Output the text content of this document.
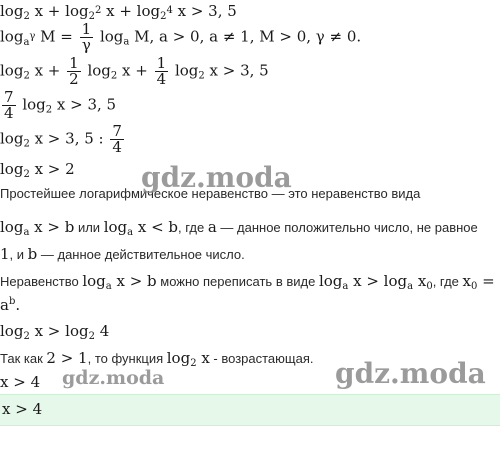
$\log_2 x + \log_{2^2} x + \log_{2^4} x > 3$, 5
$\log_{a^\gamma} M = \frac{1}{\gamma} \log_a M$, a > 0, a ≠ 1, M > 0, γ ≠ 0.
$\log_2 x + \frac{1}{2} \log_2 x + \frac{1}{4} \log_2 x > 3$, 5
$\frac{7}{4} \log_2 x > 3$, 5
$\log_2 x > 3$, 5 : $\frac{7}{4}$
$\log_2 x > 2$
Простейшее логарифмическое неравенство — это неравенство вида
$\log_a x > b$ или $\log_a x < b$, где a — данное положительно число, не равное
1, и b — данное действительное число.
Неравенство $\log_a x > b$ можно переписать в виде $\log_a x > \log_a x_0$, где $x_0$ =
$a^b$.
$\log_2 x > \log_2 4$
Так как 2 > 1, то функция $\log_2 x$ - возрастающая.
x > 4
x > 4
gdz.moda
gdz.moda	gdz.moda
